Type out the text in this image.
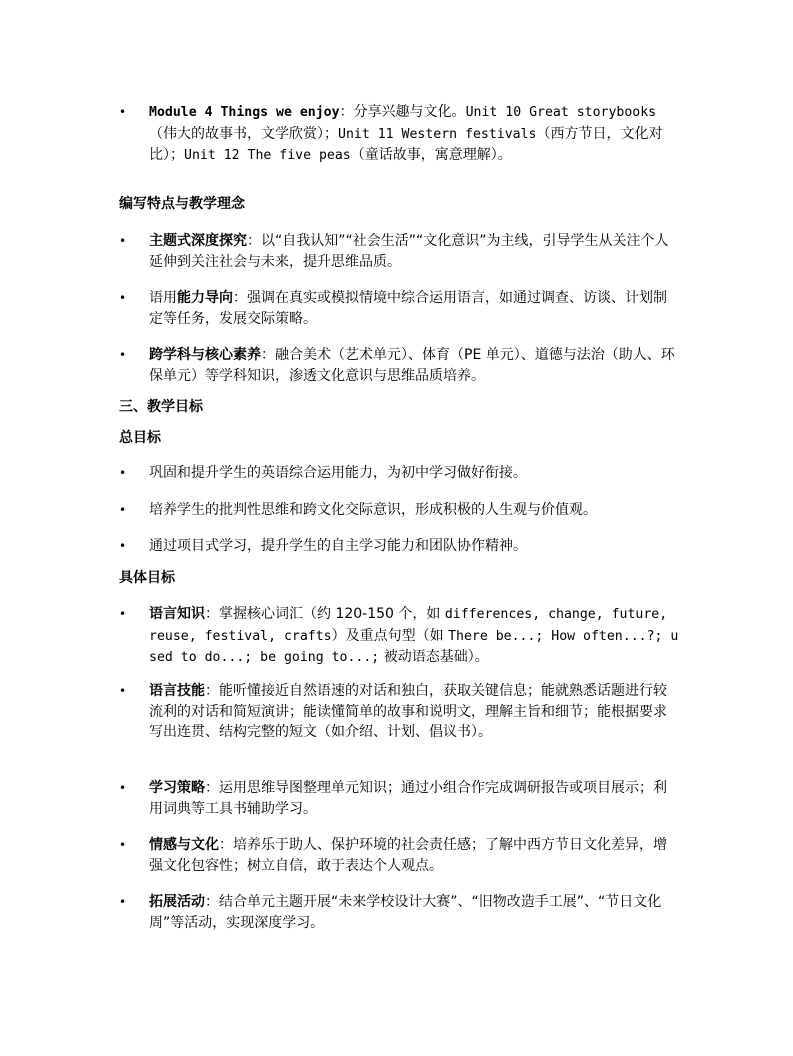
• Module 4 Things we enjoy：分享兴趣与文化。Unit 10 Great storybooks（伟大的故事书，文学欣赏）；Unit 11 Western festivals（西方节日，文化对比）；Unit 12 The five peas（童话故事，寓意理解）。
编写特点与教学理念
• 主题式深度探究：以“自我认知”“社会生活”“文化意识”为主线，引导学生从关注个人延伸到关注社会与未来，提升思维品质。
• 语用能力导向：强调在真实或模拟情境中综合运用语言，如通过调查、访谈、计划制定等任务，发展交际策略。
• 跨学科与核心素养：融合美术（艺术单元）、体育（PE 单元）、道德与法治（助人、环保单元）等学科知识，渗透文化意识与思维品质培养。
三、教学目标
总目标
• 巩固和提升学生的英语综合运用能力，为初中学习做好衔接。
• 培养学生的批判性思维和跨文化交际意识，形成积极的人生观与价值观。
• 通过项目式学习，提升学生的自主学习能力和团队协作精神。
具体目标
• 语言知识：掌握核心词汇（约 120-150 个，如 differences, change, future, reuse, festival, crafts）及重点句型（如 There be...; How often...?; used to do...; be going to...; 被动语态基础）。
• 语言技能：能听懂接近自然语速的对话和独白，获取关键信息；能就熟悉话题进行较流利的对话和简短演讲；能读懂简单的故事和说明文，理解主旨和细节；能根据要求写出连贯、结构完整的短文（如介绍、计划、倡议书）。
• 学习策略：运用思维导图整理单元知识；通过小组合作完成调研报告或项目展示；利用词典等工具书辅助学习。
• 情感与文化：培养乐于助人、保护环境的社会责任感；了解中西方节日文化差异，增强文化包容性；树立自信，敢于表达个人观点。
• 拓展活动：结合单元主题开展“未来学校设计大赛”、“旧物改造手工展”、“节日文化周”等活动，实现深度学习。
